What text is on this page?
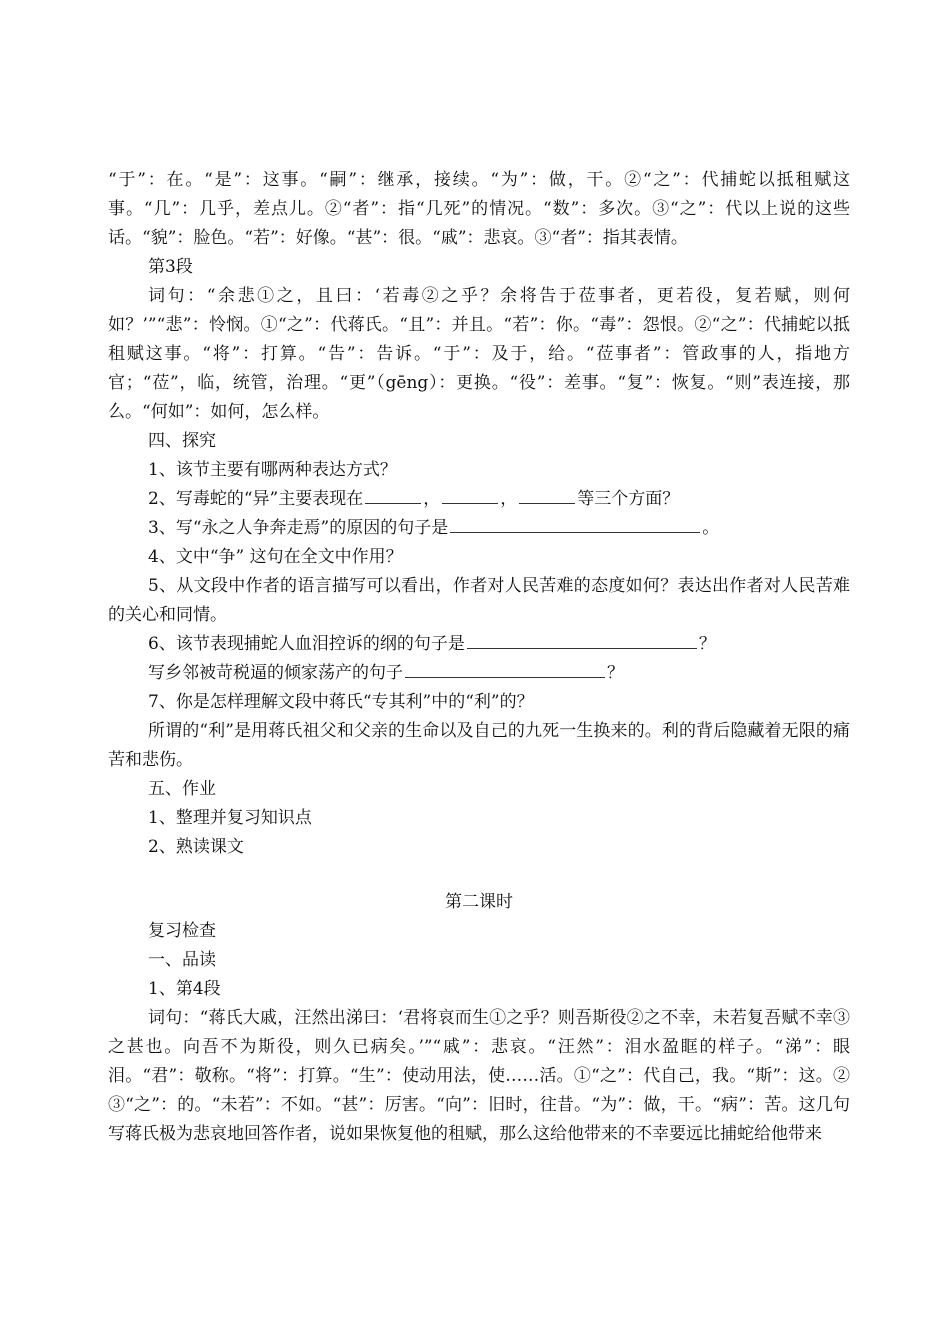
“于”：在。“是”：这事。“嗣”：继承，接续。“为”：做，干。②“之”：代捕蛇以抵租赋这事。“几”：几乎，差点儿。②“者”：指“几死”的情况。“数”：多次。③“之”：代以上说的这些话。“貌”：脸色。“若”：好像。“甚”：很。“戚”：悲哀。③“者”：指其表情。

第3段

词句：“余悲①之，且曰：‘若毒②之乎？余将告于莅事者，更若役，复若赋，则何如？’”“悲”：怜悯。①“之”：代蒋氏。“且”：并且。“若”：你。“毒”：怨恨。②“之”：代捕蛇以抵租赋这事。“将”：打算。“告”：告诉。“于”：及于，给。“莅事者”：管政事的人，指地方官；“莅”，临，统管，治理。“更”（gēng）：更换。“役”：差事。“复”：恢复。“则”表连接，那么。“何如”：如何，怎么样。

四、探究

1、该节主要有哪两种表达方式？

2、写毒蛇的“异”主要表现在	，	，	等三个方面？

3、写“永之人争奔走焉”的原因的句子是	。

4、文中“争” 这句在全文中作用？

5、从文段中作者的语言描写可以看出，作者对人民苦难的态度如何？表达出作者对人民苦难的关心和同情。

6、该节表现捕蛇人血泪控诉的纲的句子是	？

写乡邻被苛税逼的倾家荡产的句子	？

7、你是怎样理解文段中蒋氏“专其利”中的“利”的？

所谓的“利”是用蒋氏祖父和父亲的生命以及自己的九死一生换来的。利的背后隐藏着无限的痛苦和悲伤。

五、作业

1、整理并复习知识点

2、熟读课文

第二课时

复习检查

一、品读

1、第4段

词句：“蒋氏大戚，汪然出涕曰：‘君将哀而生①之乎？则吾斯役②之不幸，未若复吾赋不幸③之甚也。向吾不为斯役，则久已病矣。’”“戚”：悲哀。“汪然”：泪水盈眶的样子。“涕”：眼泪。“君”：敬称。“将”：打算。“生”：使动用法，使……活。①“之”：代自己，我。“斯”：这。②③“之”：的。“未若”：不如。“甚”：厉害。“向”：旧时，往昔。“为”：做，干。“病”：苦。这几句写蒋氏极为悲哀地回答作者，说如果恢复他的租赋，那么这给他带来的不幸要远比捕蛇给他带来
